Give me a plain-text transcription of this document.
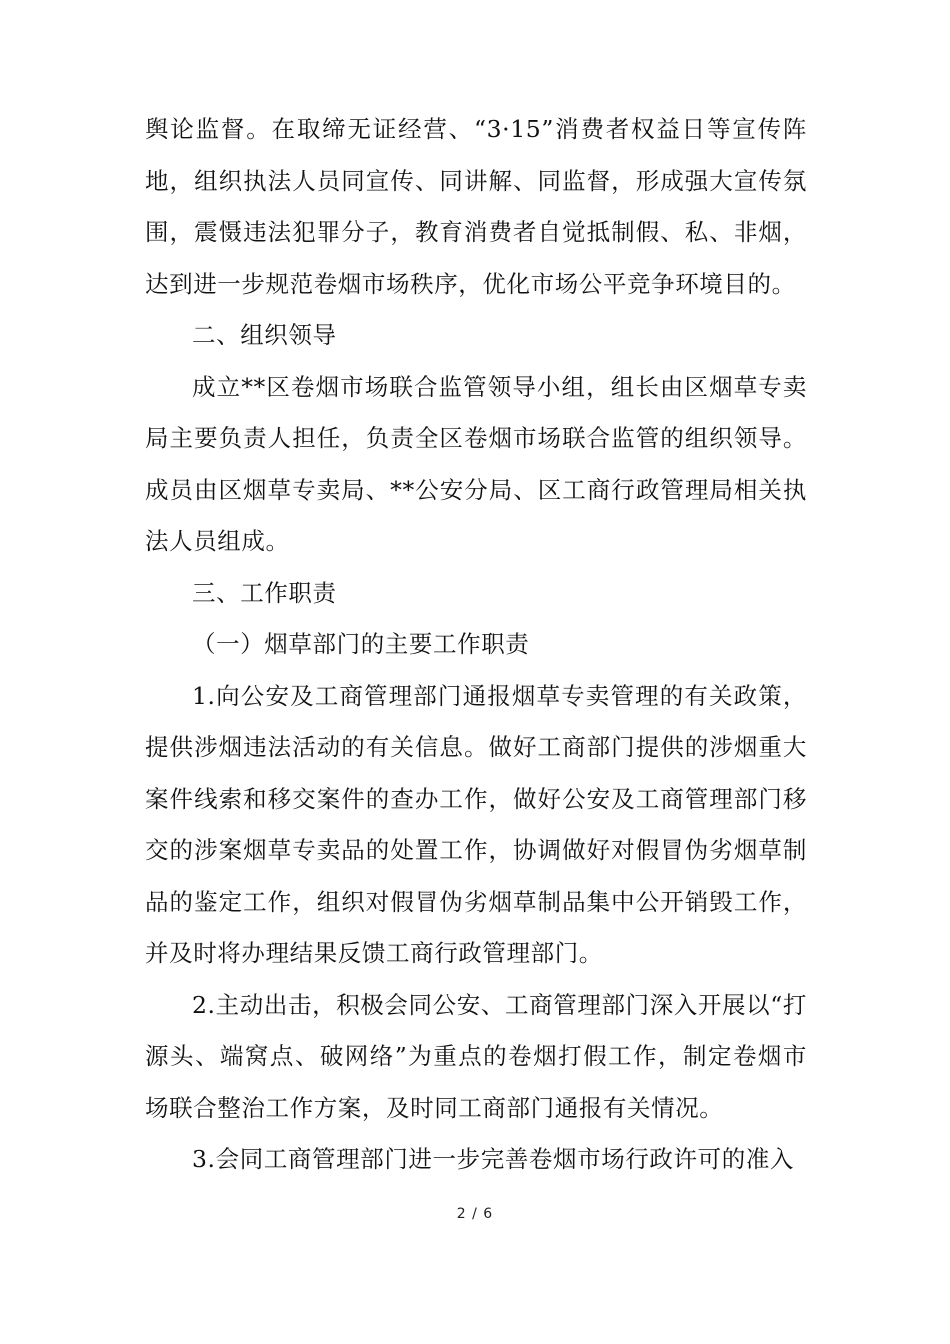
舆论监督。在取缔无证经营、“3·15”消费者权益日等宣传阵地，组织执法人员同宣传、同讲解、同监督，形成强大宣传氛围，震慑违法犯罪分子，教育消费者自觉抵制假、私、非烟，达到进一步规范卷烟市场秩序，优化市场公平竞争环境目的。

二、组织领导

成立**区卷烟市场联合监管领导小组，组长由区烟草专卖局主要负责人担任，负责全区卷烟市场联合监管的组织领导。成员由区烟草专卖局、**公安分局、区工商行政管理局相关执法人员组成。

三、工作职责

（一）烟草部门的主要工作职责

1.向公安及工商管理部门通报烟草专卖管理的有关政策，提供涉烟违法活动的有关信息。做好工商部门提供的涉烟重大案件线索和移交案件的查办工作，做好公安及工商管理部门移交的涉案烟草专卖品的处置工作，协调做好对假冒伪劣烟草制品的鉴定工作，组织对假冒伪劣烟草制品集中公开销毁工作，并及时将办理结果反馈工商行政管理部门。

2.主动出击，积极会同公安、工商管理部门深入开展以“打源头、端窝点、破网络”为重点的卷烟打假工作，制定卷烟市场联合整治工作方案，及时同工商部门通报有关情况。

3.会同工商管理部门进一步完善卷烟市场行政许可的准入

2 / 6
